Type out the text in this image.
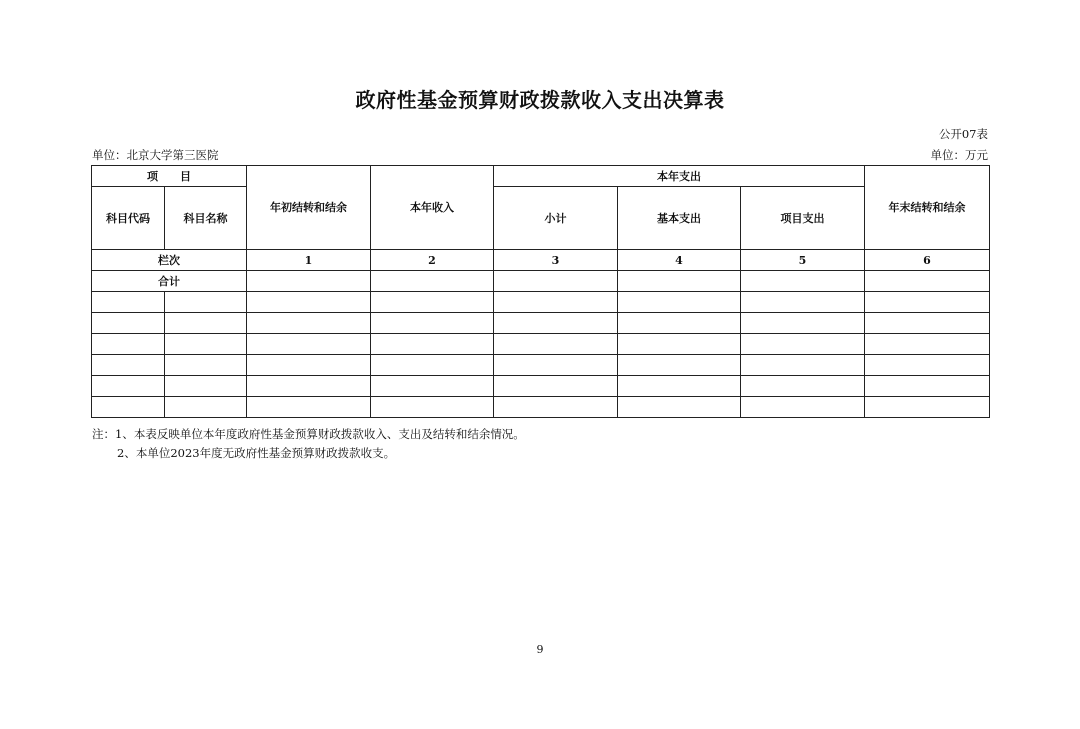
政府性基金预算财政拨款收入支出决算表
公开07表
单位：北京大学第三医院	单位：万元
项　　目		年初结转和结余	本年收入	本年支出			年末结转和结余
科目代码	科目名称			小计	基本支出	项目支出	
栏次		1	2	3	4	5	6
合计							

注：1、本表反映单位本年度政府性基金预算财政拨款收入、支出及结转和结余情况。
2、本单位2023年度无政府性基金预算财政拨款收支。
9
